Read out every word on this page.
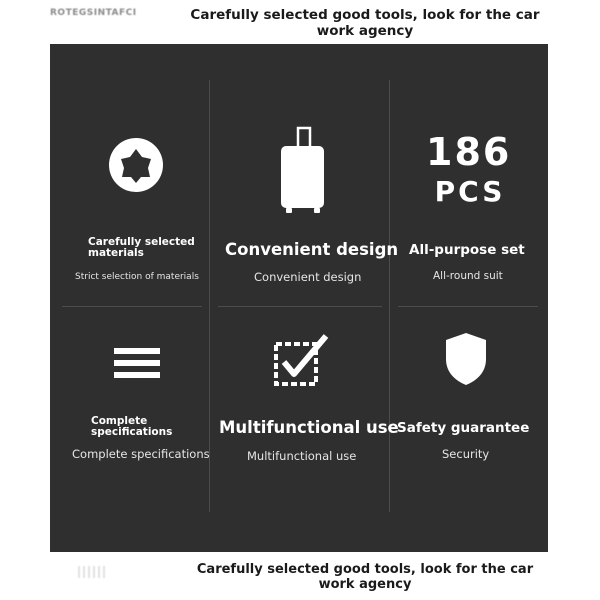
ROTEGSINTAFCI	Carefully selected good tools, look for the car work agency
Carefully selected materials
Strict selection of materials
Convenient design
Convenient design
186
PCS
All-purpose set
All-round suit
Complete specifications
Complete specifications
Multifunctional use
Multifunctional use
Safety guarantee
Security
Carefully selected good tools, look for the car work agency
